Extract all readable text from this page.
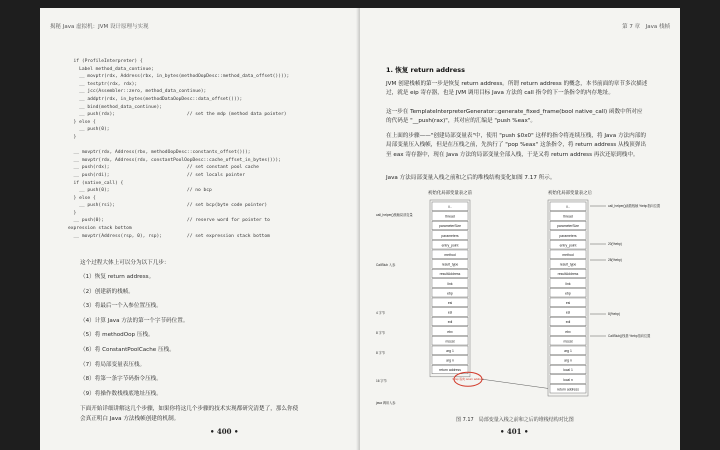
揭秘 Java 虚拟机：JVM 设计原理与实现
if (ProfileInterpreter) {
Label method_data_continue;
__ movptr(rdx, Address(rbx, in_bytes(methodOopDesc::method_data_offset())));
__ testptr(rdx, rdx);
__ jcc(Assembler::zero, method_data_continue);
__ addptr(rdx, in_bytes(methodDataOopDesc::data_offset()));
__ bind(method_data_continue);
__ push(rdx);                          // set the mdp (method data pointer)
} else {
__ push(0);
}
__ movptr(rdx, Address(rbx, methodOopDesc::constants_offset()));
__ movptr(rdx, Address(rdx, constantPoolOopDesc::cache_offset_in_bytes()));
__ push(rdx);                            // set constant pool cache
__ push(rdi);                            // set locals pointer
if (native_call) {
__ push(0);                            // no bcp
} else {
__ push(rsi);                          // set bcp(byte code pointer)
}
__ push(0);                              // reserve word for pointer to
expression stack bottom
__ movptr(Address(rsp, 0), rsp);         // set expression stack bottom
这个过程大体上可以分为以下几步：
（1）恢复 return address。
（2）创建新的栈帧。
（3）将最后一个入参位置压栈。
（4）计算 Java 方法的第一个字节码位置。
（5）将 methodOop 压栈。
（6）将 ConstantPoolCache 压栈。
（7）将局部变量表压栈。
（8）将第一条字节码指令压栈。
（9）将操作数栈栈底地址压栈。
下面开始详细讲解这几个步骤，如果你将这几个步骤的技术实现都研究清楚了，那么你使
会真正明白 Java 方法栈帧创建的机制。
• 400 •
第 7 章　Java 栈帧
1. 恢复 return address
JVM 创建栈帧的第一步是恢复 return address。所谓 return address 的概念，本书前面的章节多次描述过，就是 eip 寄存器，也是 JVM 调用目标 Java 方法的 call 指令的下一条指令的内存地址。
这一步在 TemplateInterpreterGenerator::generate_fixed_frame(bool native_call) 函数中所对应的代码是 "__push(rax)"，其对应的汇编是 "push %eax"。
在上面的步骤——"创建局部变量表"中，使用 "push $0x0" 这样的指令将连续压栈，将 Java 方法内部的局部变量压入栈帧，但是在压栈之前，先执行了 "pop %eax" 这条指令，将 return address 从栈顶弹出至 eax 寄存器中，现在 Java 方法的局部变量全部入栈，于是又将 return address 再次还原到栈中。
Java 方法局部变量入栈之前和之后的堆栈结构变化如图 7.17 所示。
初始化局部变量表之前	初始化局部变量表之后
//..
thread
parameterSize
parameters
entry_point
method
result_type
resultAddress
link
ebp
esi
esi
edi
ebx
mscat
arg 1
arg n
return address
//..
thread
parameterSize
parameters
entry_point
method
result_type
resultAddress
link
ebp
esi
esi
edi
ebx
mscat
arg 1
arg n
local 1
local n
return address
call_helper()栈帧局部变量
CallStub 入参
4 字节
8 字节
8 字节
16 字节
java 调用入参
call_helper()函数栈帧 %ebp指向位置
20(%ebp)
28(%ebp)
8(%ebp)
CallStub()栈基 %ebp指向位置
%rsp 指向 return address
图 7.17　局部变量入栈之前和之后的堆栈结构对比图
• 401 •
